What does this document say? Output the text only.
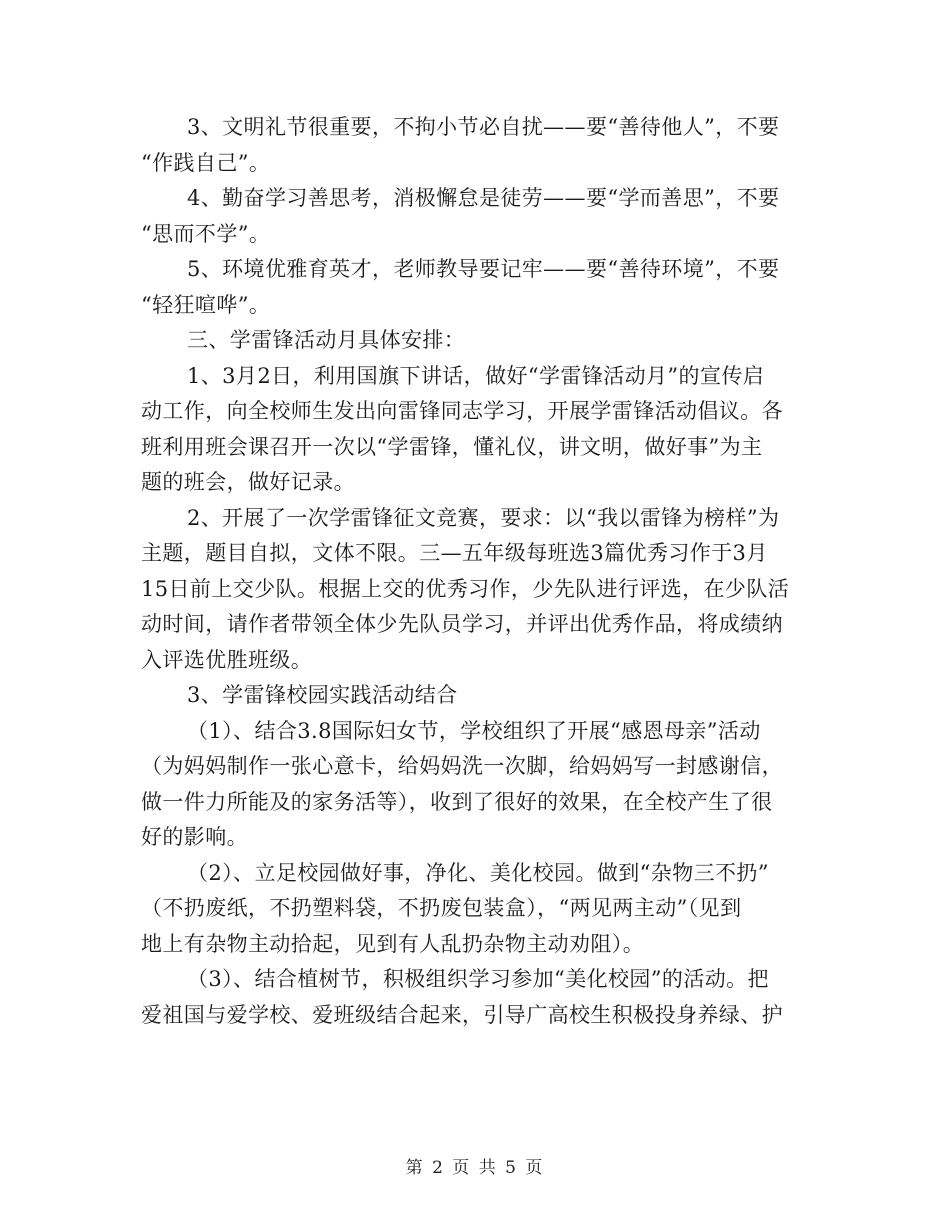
3、文明礼节很重要，不拘小节必自扰——要“善待他人”，不要
“作践自己”。
4、勤奋学习善思考，消极懈怠是徒劳——要“学而善思”，不要
“思而不学”。
5、环境优雅育英才，老师教导要记牢——要“善待环境”，不要
“轻狂喧哗”。
三、学雷锋活动月具体安排：
1、3月2日，利用国旗下讲话，做好“学雷锋活动月”的宣传启
动工作，向全校师生发出向雷锋同志学习，开展学雷锋活动倡议。各
班利用班会课召开一次以“学雷锋，懂礼仪，讲文明，做好事”为主
题的班会，做好记录。
2、开展了一次学雷锋征文竞赛，要求：以“我以雷锋为榜样”为
主题，题目自拟，文体不限。三—五年级每班选3篇优秀习作于3月
15日前上交少队。根据上交的优秀习作，少先队进行评选，在少队活
动时间，请作者带领全体少先队员学习，并评出优秀作品，将成绩纳
入评选优胜班级。
3、学雷锋校园实践活动结合
（1）、结合3.8国际妇女节，学校组织了开展“感恩母亲”活动
（为妈妈制作一张心意卡，给妈妈洗一次脚，给妈妈写一封感谢信，
做一件力所能及的家务活等），收到了很好的效果，在全校产生了很
好的影响。
（2）、立足校园做好事，净化、美化校园。做到“杂物三不扔”
（不扔废纸，不扔塑料袋，不扔废包装盒），“两见两主动”（见到
地上有杂物主动拾起，见到有人乱扔杂物主动劝阻）。
（3）、结合植树节，积极组织学习参加“美化校园”的活动。把
爱祖国与爱学校、爱班级结合起来，引导广高校生积极投身养绿、护
第 2 页 共 5 页
